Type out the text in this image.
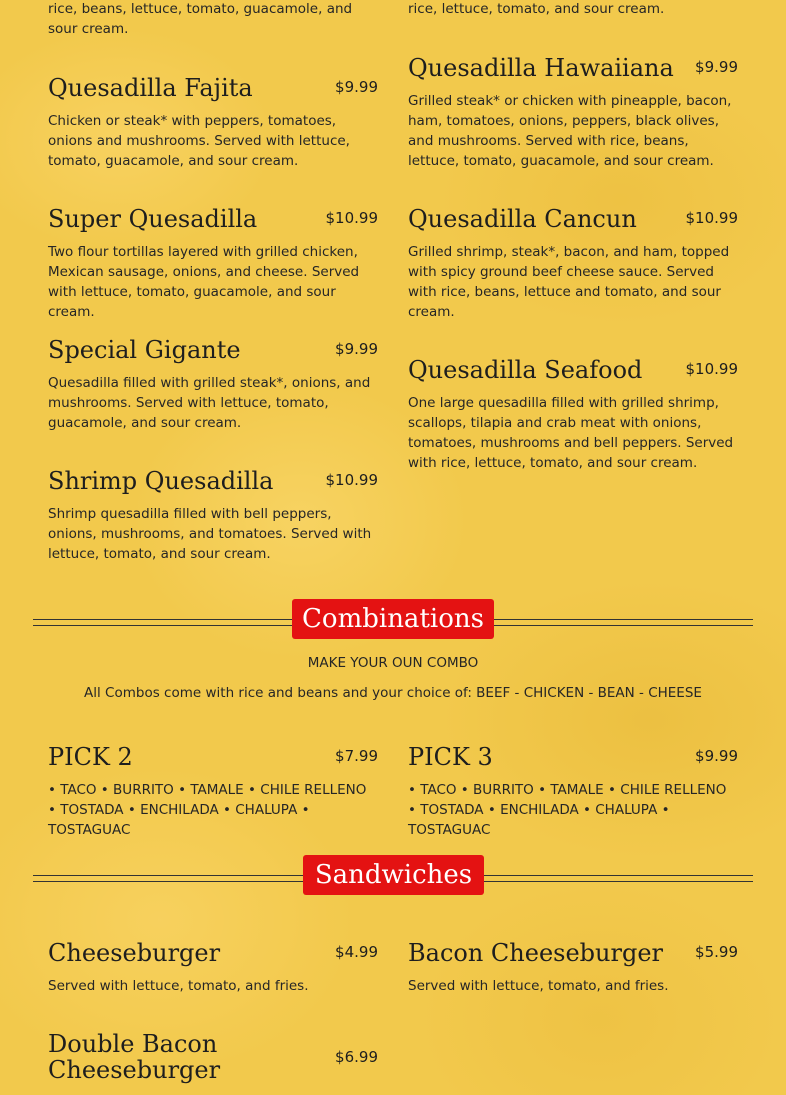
rice, beans, lettuce, tomato, guacamole, and sour cream.
rice, lettuce, tomato, and sour cream.
Quesadilla Fajita	$9.99
Chicken or steak* with peppers, tomatoes, onions and mushrooms. Served with lettuce, tomato, guacamole, and sour cream.
Quesadilla Hawaiiana $9.99
Grilled steak* or chicken with pineapple, bacon, ham, tomatoes, onions, peppers, black olives, and mushrooms. Served with rice, beans, lettuce, tomato, guacamole, and sour cream.
Super Quesadilla	$10.99
Two flour tortillas layered with grilled chicken, Mexican sausage, onions, and cheese. Served with lettuce, tomato, guacamole, and sour cream.
Quesadilla Cancun	$10.99
Grilled shrimp, steak*, bacon, and ham, topped with spicy ground beef cheese sauce. Served with rice, beans, lettuce and tomato, and sour cream.
Special Gigante	$9.99
Quesadilla filled with grilled steak*, onions, and mushrooms. Served with lettuce, tomato, guacamole, and sour cream.
Quesadilla Seafood	$10.99
One large quesadilla filled with grilled shrimp, scallops, tilapia and crab meat with onions, tomatoes, mushrooms and bell peppers. Served with rice, lettuce, tomato, and sour cream.
Shrimp Quesadilla	$10.99
Shrimp quesadilla filled with bell peppers, onions, mushrooms, and tomatoes. Served with lettuce, tomato, and sour cream.
Combinations
MAKE YOUR OUN COMBO
All Combos come with rice and beans and your choice of: BEEF - CHICKEN - BEAN - CHEESE
PICK 2	$7.99
• TACO • BURRITO • TAMALE • CHILE RELLENO • TOSTADA • ENCHILADA • CHALUPA • TOSTAGUAC
PICK 3	$9.99
• TACO • BURRITO • TAMALE • CHILE RELLENO • TOSTADA • ENCHILADA • CHALUPA • TOSTAGUAC
Sandwiches
Cheeseburger	$4.99
Served with lettuce, tomato, and fries.
Bacon Cheeseburger $5.99
Served with lettuce, tomato, and fries.
Double Bacon Cheeseburger	$6.99
